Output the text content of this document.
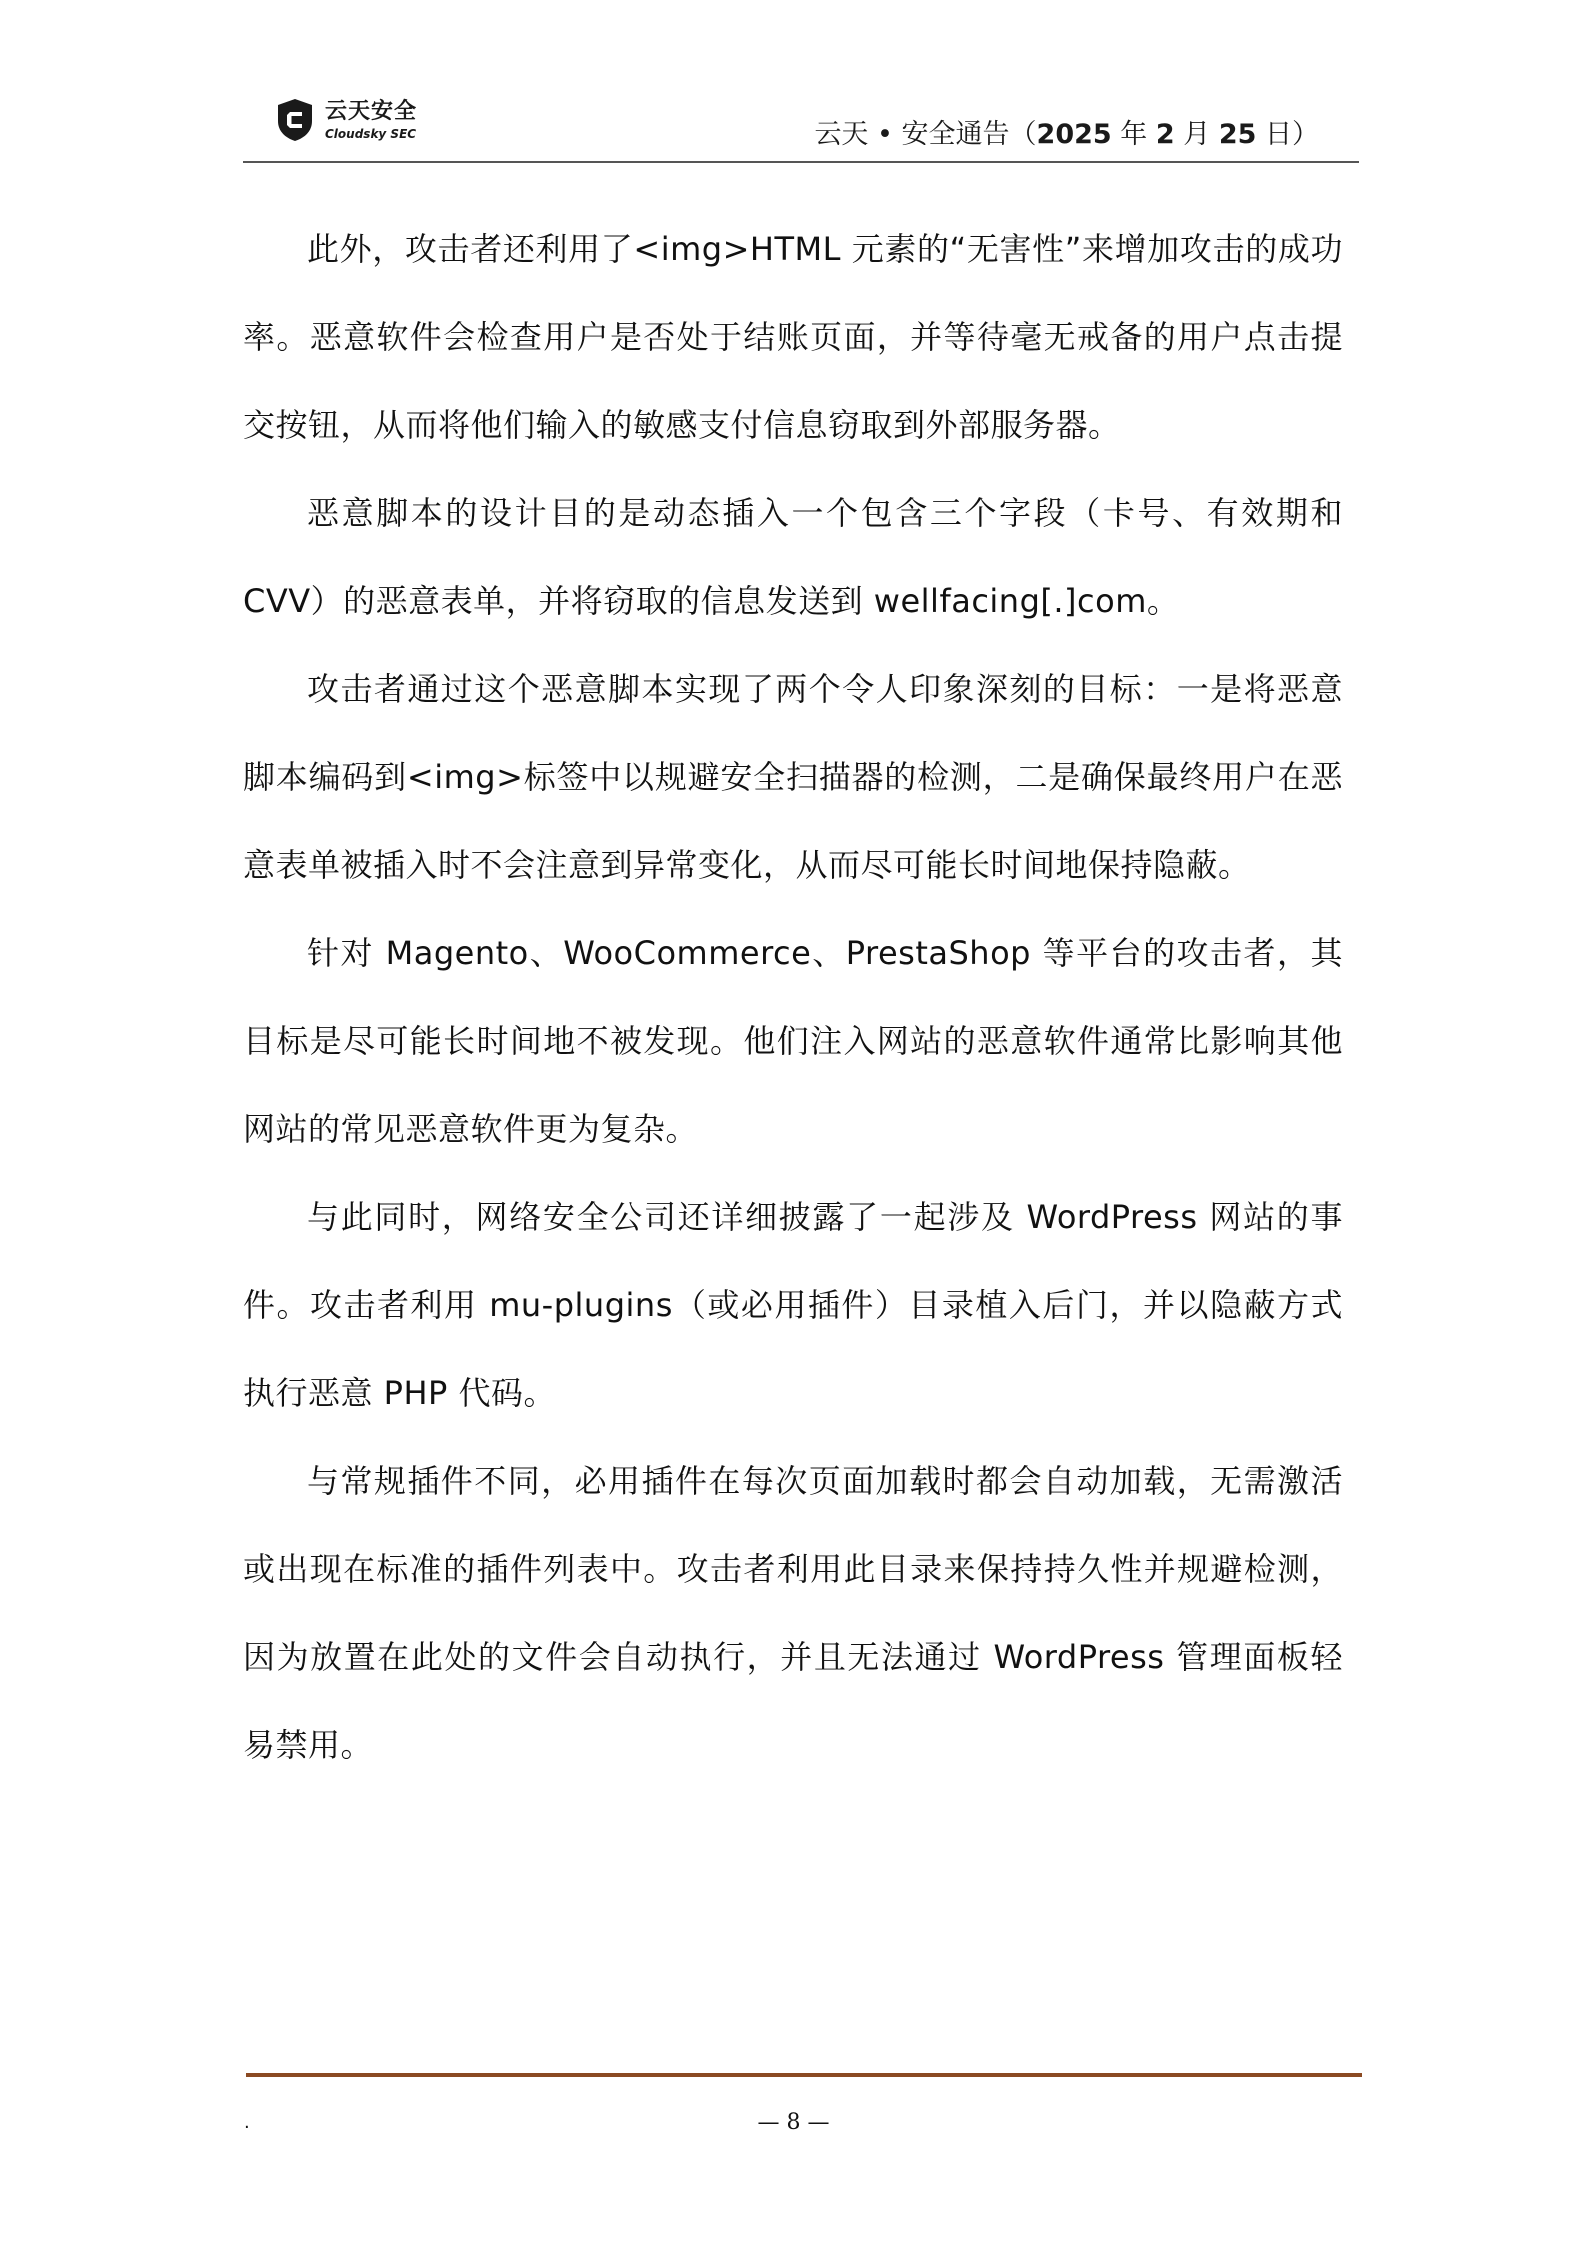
云天安全
Cloudsky SEC	云天 • 安全通告（2025 年 2 月 25 日）

此外，攻击者还利用了<img>HTML 元素的“无害性”来增加攻击的成功率。恶意软件会检查用户是否处于结账页面，并等待毫无戒备的用户点击提交按钮，从而将他们输入的敏感支付信息窃取到外部服务器。

恶意脚本的设计目的是动态插入一个包含三个字段（卡号、有效期和 CVV）的恶意表单，并将窃取的信息发送到 wellfacing[.]com。

攻击者通过这个恶意脚本实现了两个令人印象深刻的目标：一是将恶意脚本编码到<img>标签中以规避安全扫描器的检测，二是确保最终用户在恶意表单被插入时不会注意到异常变化，从而尽可能长时间地保持隐蔽。

针对 Magento、WooCommerce、PrestaShop 等平台的攻击者，其目标是尽可能长时间地不被发现。他们注入网站的恶意软件通常比影响其他网站的常见恶意软件更为复杂。

与此同时，网络安全公司还详细披露了一起涉及 WordPress 网站的事件。攻击者利用 mu-plugins（或必用插件）目录植入后门，并以隐蔽方式执行恶意 PHP 代码。

与常规插件不同，必用插件在每次页面加载时都会自动加载，无需激活或出现在标准的插件列表中。攻击者利用此目录来保持持久性并规避检测，因为放置在此处的文件会自动执行，并且无法通过 WordPress 管理面板轻易禁用。

.	— 8 —
